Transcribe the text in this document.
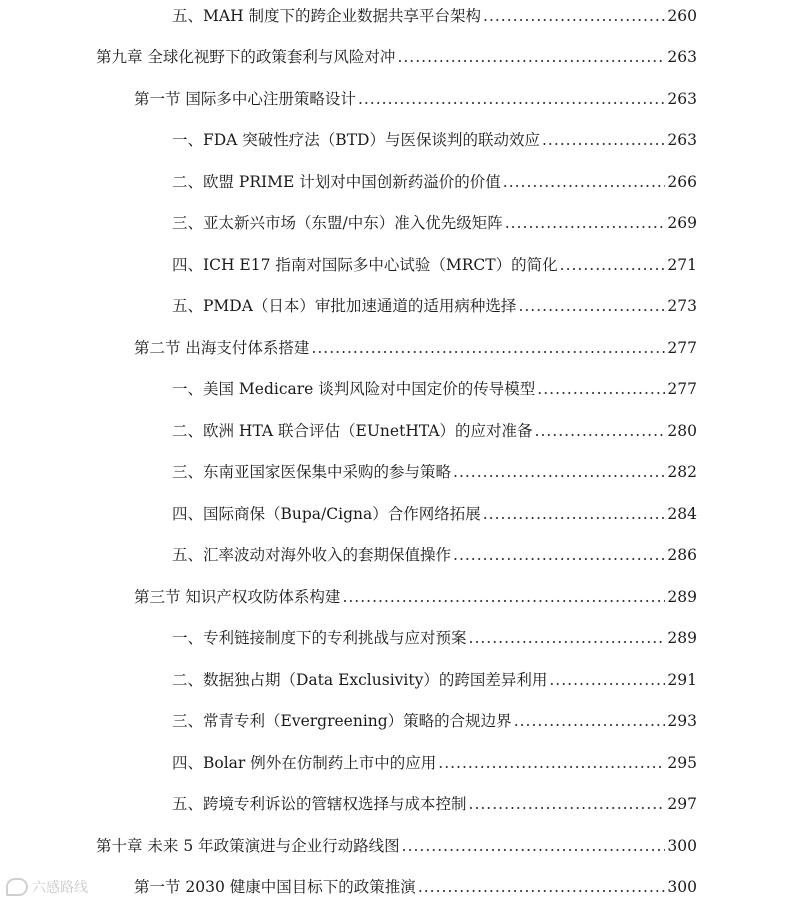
五、MAH 制度下的跨企业数据共享平台架构 .....	260
第九章 全球化视野下的政策套利与风险对冲 .....	263
第一节 国际多中心注册策略设计 .....	263
一、FDA 突破性疗法（BTD）与医保谈判的联动效应 .....	263
二、欧盟 PRIME 计划对中国创新药溢价的价值 .....	266
三、亚太新兴市场（东盟/中东）准入优先级矩阵 .....	269
四、ICH E17 指南对国际多中心试验（MRCT）的简化 .....	271
五、PMDA（日本）审批加速通道的适用病种选择 .....	273
第二节 出海支付体系搭建 .....	277
一、美国 Medicare 谈判风险对中国定价的传导模型 .....	277
二、欧洲 HTA 联合评估（EUnetHTA）的应对准备 .....	280
三、东南亚国家医保集中采购的参与策略 .....	282
四、国际商保（Bupa/Cigna）合作网络拓展 .....	284
五、汇率波动对海外收入的套期保值操作 .....	286
第三节 知识产权攻防体系构建 .....	289
一、专利链接制度下的专利挑战与应对预案 .....	289
二、数据独占期（Data Exclusivity）的跨国差异利用 .....	291
三、常青专利（Evergreening）策略的合规边界 .....	293
四、Bolar 例外在仿制药上市中的应用 .....	295
五、跨境专利诉讼的管辖权选择与成本控制 .....	297
第十章 未来 5 年政策演进与企业行动路线图 .....	300
第一节 2030 健康中国目标下的政策推演 .....	300
六感路线
